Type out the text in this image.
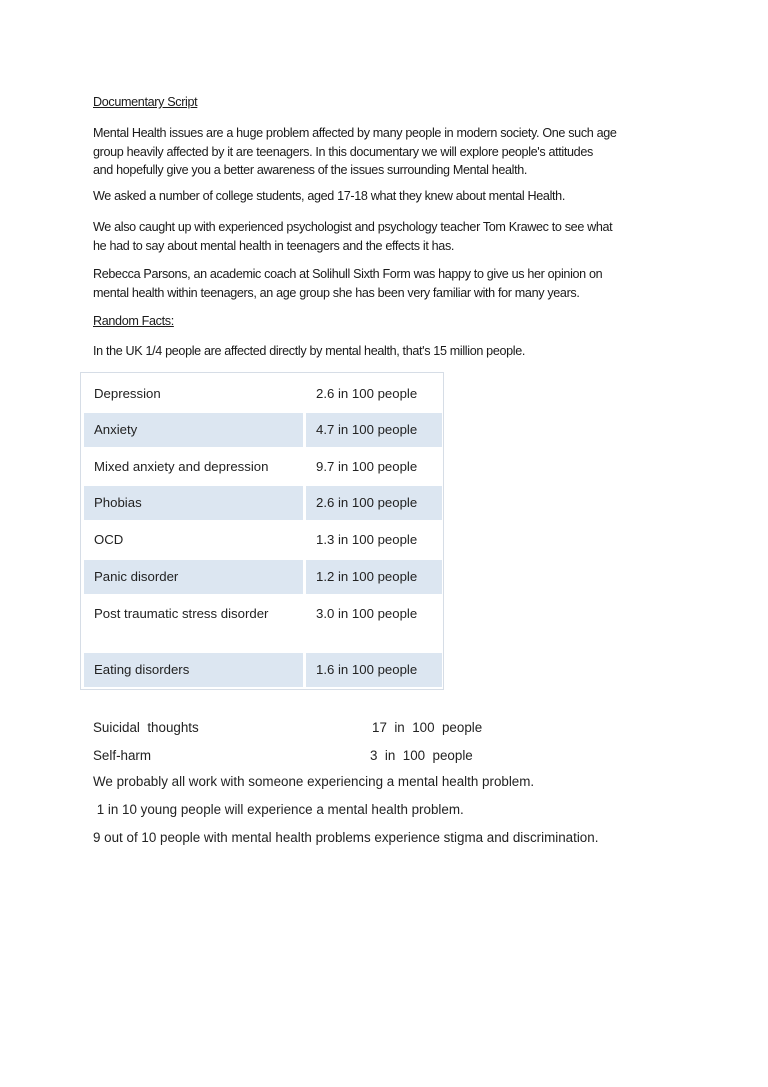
Documentary Script

Mental Health issues are a huge problem affected by many people in modern society. One such age
group heavily affected by it are teenagers. In this documentary we will explore people's attitudes
and hopefully give you a better awareness of the issues surrounding Mental health.

We asked a number of college students, aged 17-18 what they knew about mental Health.

We also caught up with experienced psychologist and psychology teacher Tom Krawec to see what
he had to say about mental health in teenagers and the effects it has.

Rebecca Parsons, an academic coach at Solihull Sixth Form was happy to give us her opinion on
mental health within teenagers, an age group she has been very familiar with for many years.

Random Facts:

In the UK 1/4 people are affected directly by mental health, that's 15 million people.

Depression	2.6 in 100 people
Anxiety	4.7 in 100 people
Mixed anxiety and depression	9.7 in 100 people
Phobias	2.6 in 100 people
OCD	1.3 in 100 people
Panic disorder	1.2 in 100 people
Post traumatic stress disorder	3.0 in 100 people
Eating disorders	1.6 in 100 people
Suicidal  thoughts	17  in  100  people
Self-harm	3  in  100  people

We probably all work with someone experiencing a mental health problem.

1 in 10 young people will experience a mental health problem.

9 out of 10 people with mental health problems experience stigma and discrimination.
